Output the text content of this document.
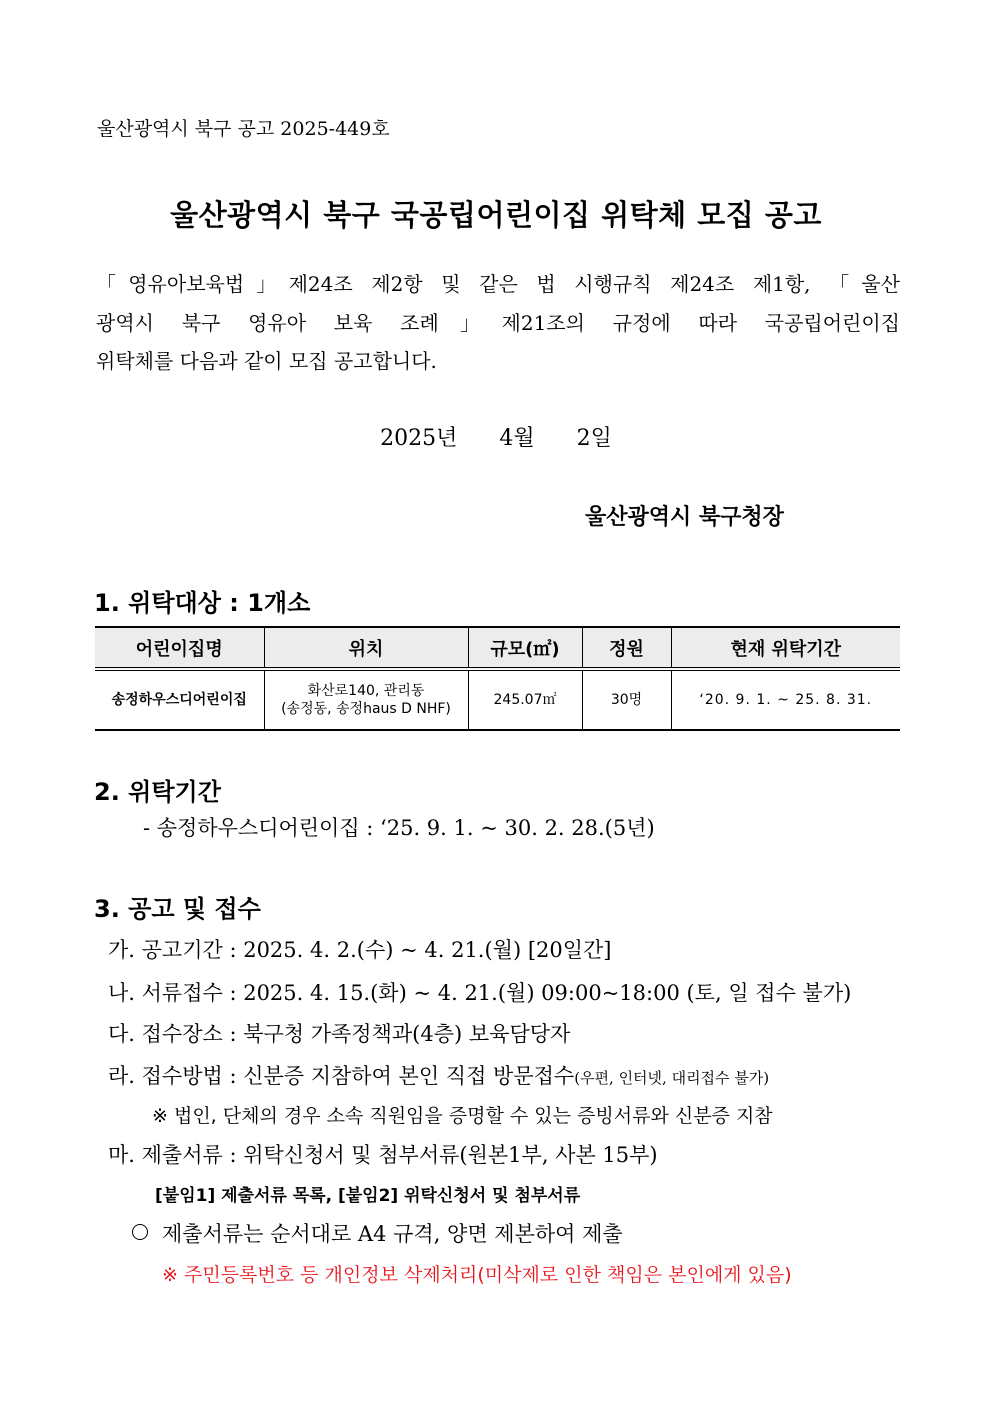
울산광역시 북구 공고 2025-449호
울산광역시 북구 국공립어린이집 위탁체 모집 공고
「영유아보육법」제24조 제2항 및 같은 법 시행규칙 제24조 제1항, 「울산
광역시 북구 영유아 보육 조례」제21조의 규정에 따라 국공립어린이집
위탁체를 다음과 같이 모집 공고합니다.
2025년 4월 2일
울산광역시 북구청장
1. 위탁대상 : 1개소
어린이집명	위치	규모(㎡)	정원	현재 위탁기간
송정하우스디어린이집	화산로140, 관리동
(송정동, 송정haus D NHF)	245.07㎡	30명	‘20. 9. 1. ~ 25. 8. 31.
2. 위탁기간
- 송정하우스디어린이집 : ‘25. 9. 1. ~ 30. 2. 28.(5년)
3. 공고 및 접수
가. 공고기간 : 2025. 4. 2.(수) ~ 4. 21.(월) [20일간]
나. 서류접수 : 2025. 4. 15.(화) ~ 4. 21.(월) 09:00~18:00 (토, 일 접수 불가)
다. 접수장소 : 북구청 가족정책과(4층) 보육담당자
라. 접수방법 : 신분증 지참하여 본인 직접 방문접수(우편, 인터넷, 대리접수 불가)
※ 법인, 단체의 경우 소속 직원임을 증명할 수 있는 증빙서류와 신분증 지참
마. 제출서류 : 위탁신청서 및 첨부서류(원본1부, 사본 15부)
[붙임1] 제출서류 목록, [붙임2] 위탁신청서 및 첨부서류
제출서류는 순서대로 A4 규격, 양면 제본하여 제출
※ 주민등록번호 등 개인정보 삭제처리(미삭제로 인한 책임은 본인에게 있음)
